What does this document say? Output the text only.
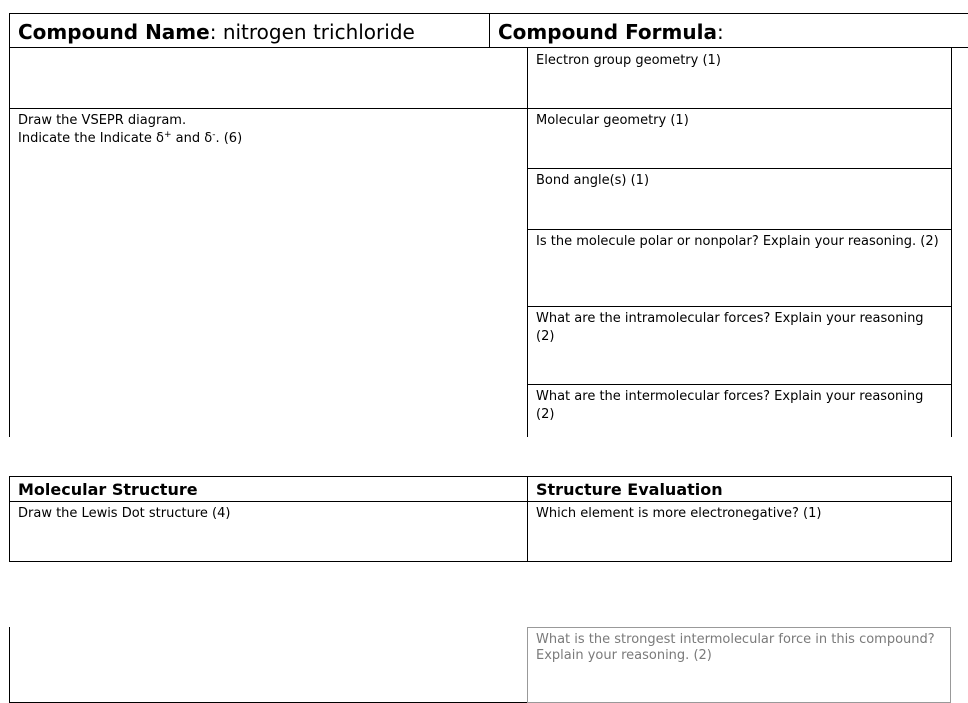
Compound Name: nitrogen trichloride	Compound Formula:
Draw the VSEPR diagram.
Indicate the Indicate δ+ and δ-. (6)
Electron group geometry (1)
Molecular geometry (1)
Bond angle(s) (1)
Is the molecule polar or nonpolar? Explain your reasoning. (2)
What are the intramolecular forces? Explain your reasoning (2)
What are the intermolecular forces? Explain your reasoning (2)
Molecular Structure	Structure Evaluation
Draw the Lewis Dot structure (4)	Which element is more electronegative? (1)
What is the strongest intermolecular force in this compound? Explain your reasoning. (2)
